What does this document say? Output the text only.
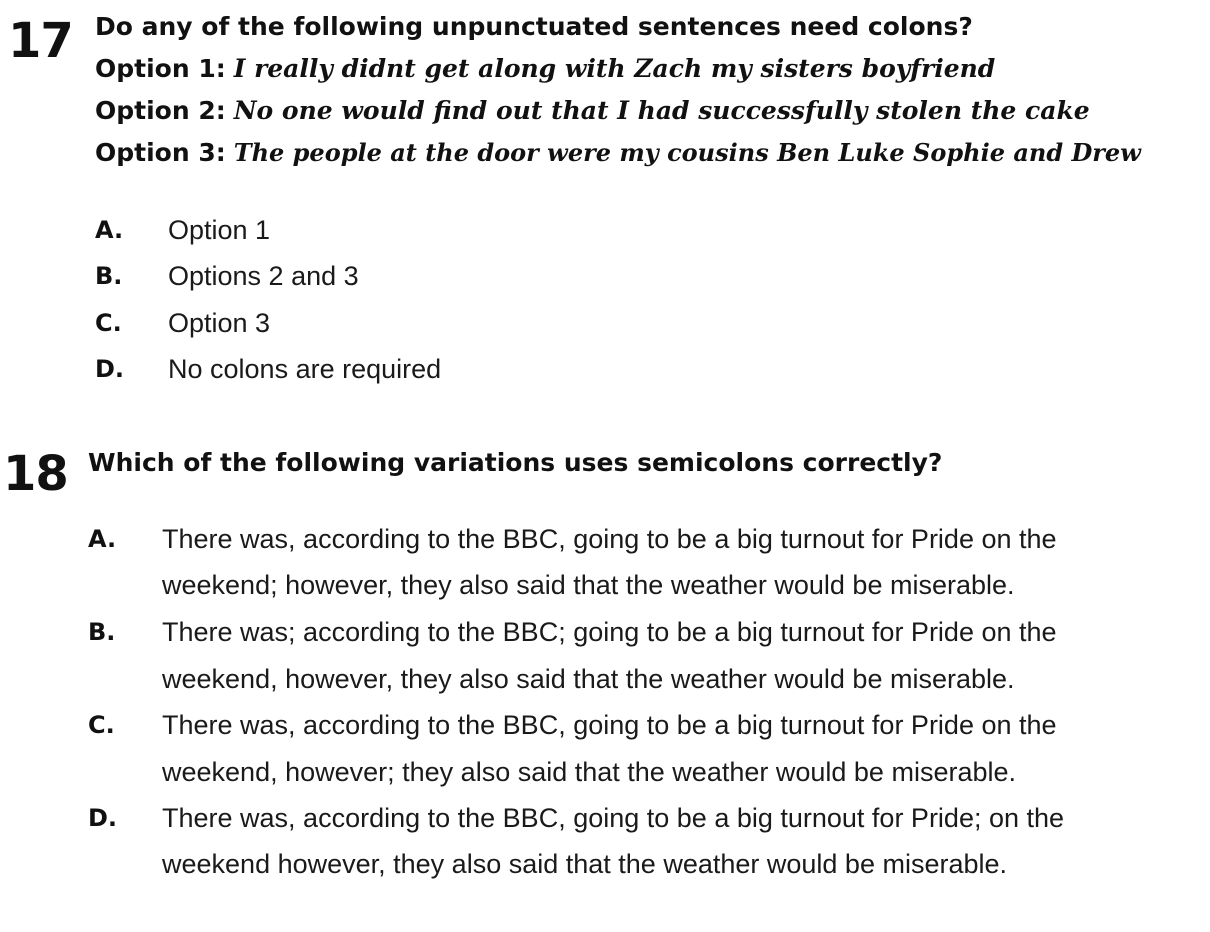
17 Do any of the following unpunctuated sentences need colons?
Option 1: I really didnt get along with Zach my sisters boyfriend
Option 2: No one would find out that I had successfully stolen the cake
Option 3: The people at the door were my cousins Ben Luke Sophie and Drew
A. Option 1
B. Options 2 and 3
C. Option 3
D. No colons are required
18 Which of the following variations uses semicolons correctly?
A. There was, according to the BBC, going to be a big turnout for Pride on the
weekend; however, they also said that the weather would be miserable.
B. There was; according to the BBC; going to be a big turnout for Pride on the
weekend, however, they also said that the weather would be miserable.
C. There was, according to the BBC, going to be a big turnout for Pride on the
weekend, however; they also said that the weather would be miserable.
D. There was, according to the BBC, going to be a big turnout for Pride; on the
weekend however, they also said that the weather would be miserable.
